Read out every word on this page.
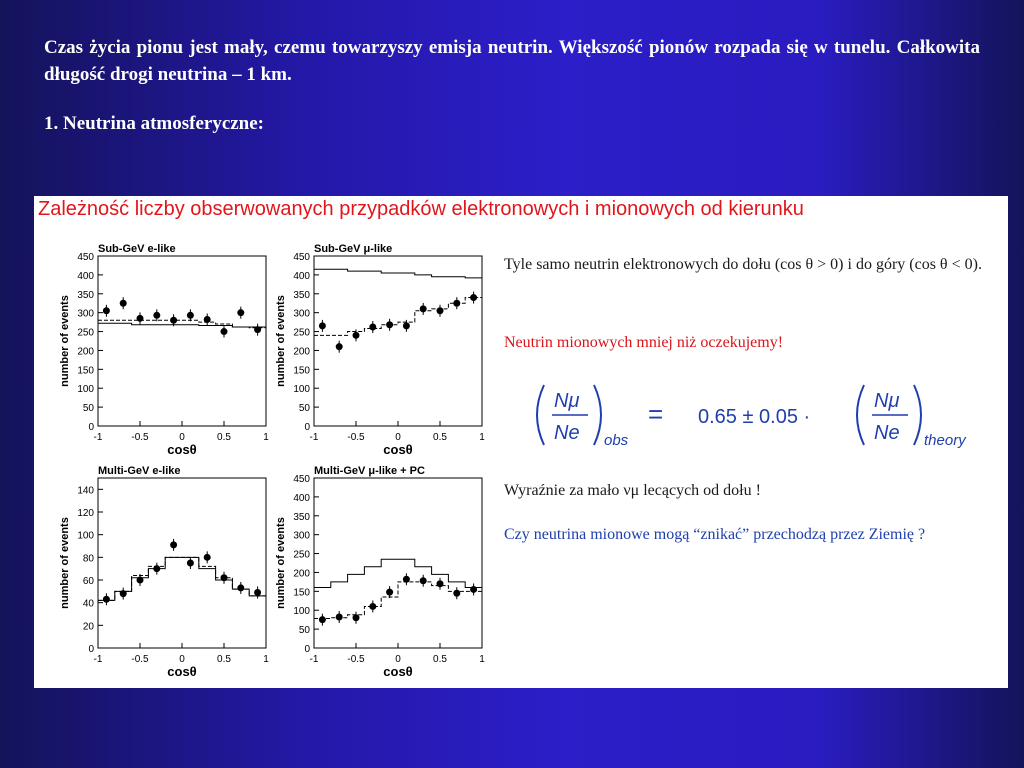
Czas życia pionu jest mały, czemu towarzyszy emisja neutrin. Większość pionów rozpada się w tunelu. Całkowita długość drogi neutrina – 1 km.
1. Neutrina atmosferyczne:
Zależność liczby obserwowanych przypadków elektronowych i mionowych od kierunku
Sub-GeV e-like
0
50
100
150
200
250
300
350
400
450
-1	-0.5	0	0.5	1
cosθ
number of events
Sub-GeV μ-like
0
50
100
150
200
250
300
350
400
450
-1	-0.5	0	0.5	1
cosθ
number of events
Multi-GeV e-like
0
20
40
60
80
100
120
140
-1	-0.5	0	0.5	1
cosθ
number of events
Multi-GeV μ-like + PC
0
50
100
150
200
250
300
350
400
450
-1	-0.5	0	0.5	1
cosθ
number of events
Tyle samo neutrin elektronowych do dołu (cos θ > 0) i do góry (cos θ < 0).
Neutrin mionowych mniej niż oczekujemy!
Nμ
Ne obs
= 0.65 ± 0.05 ·
Nμ
Ne theory
Wyraźnie za mało νμ lecących od dołu !
Czy neutrina mionowe mogą “znikać” przechodzą przez Ziemię ?
